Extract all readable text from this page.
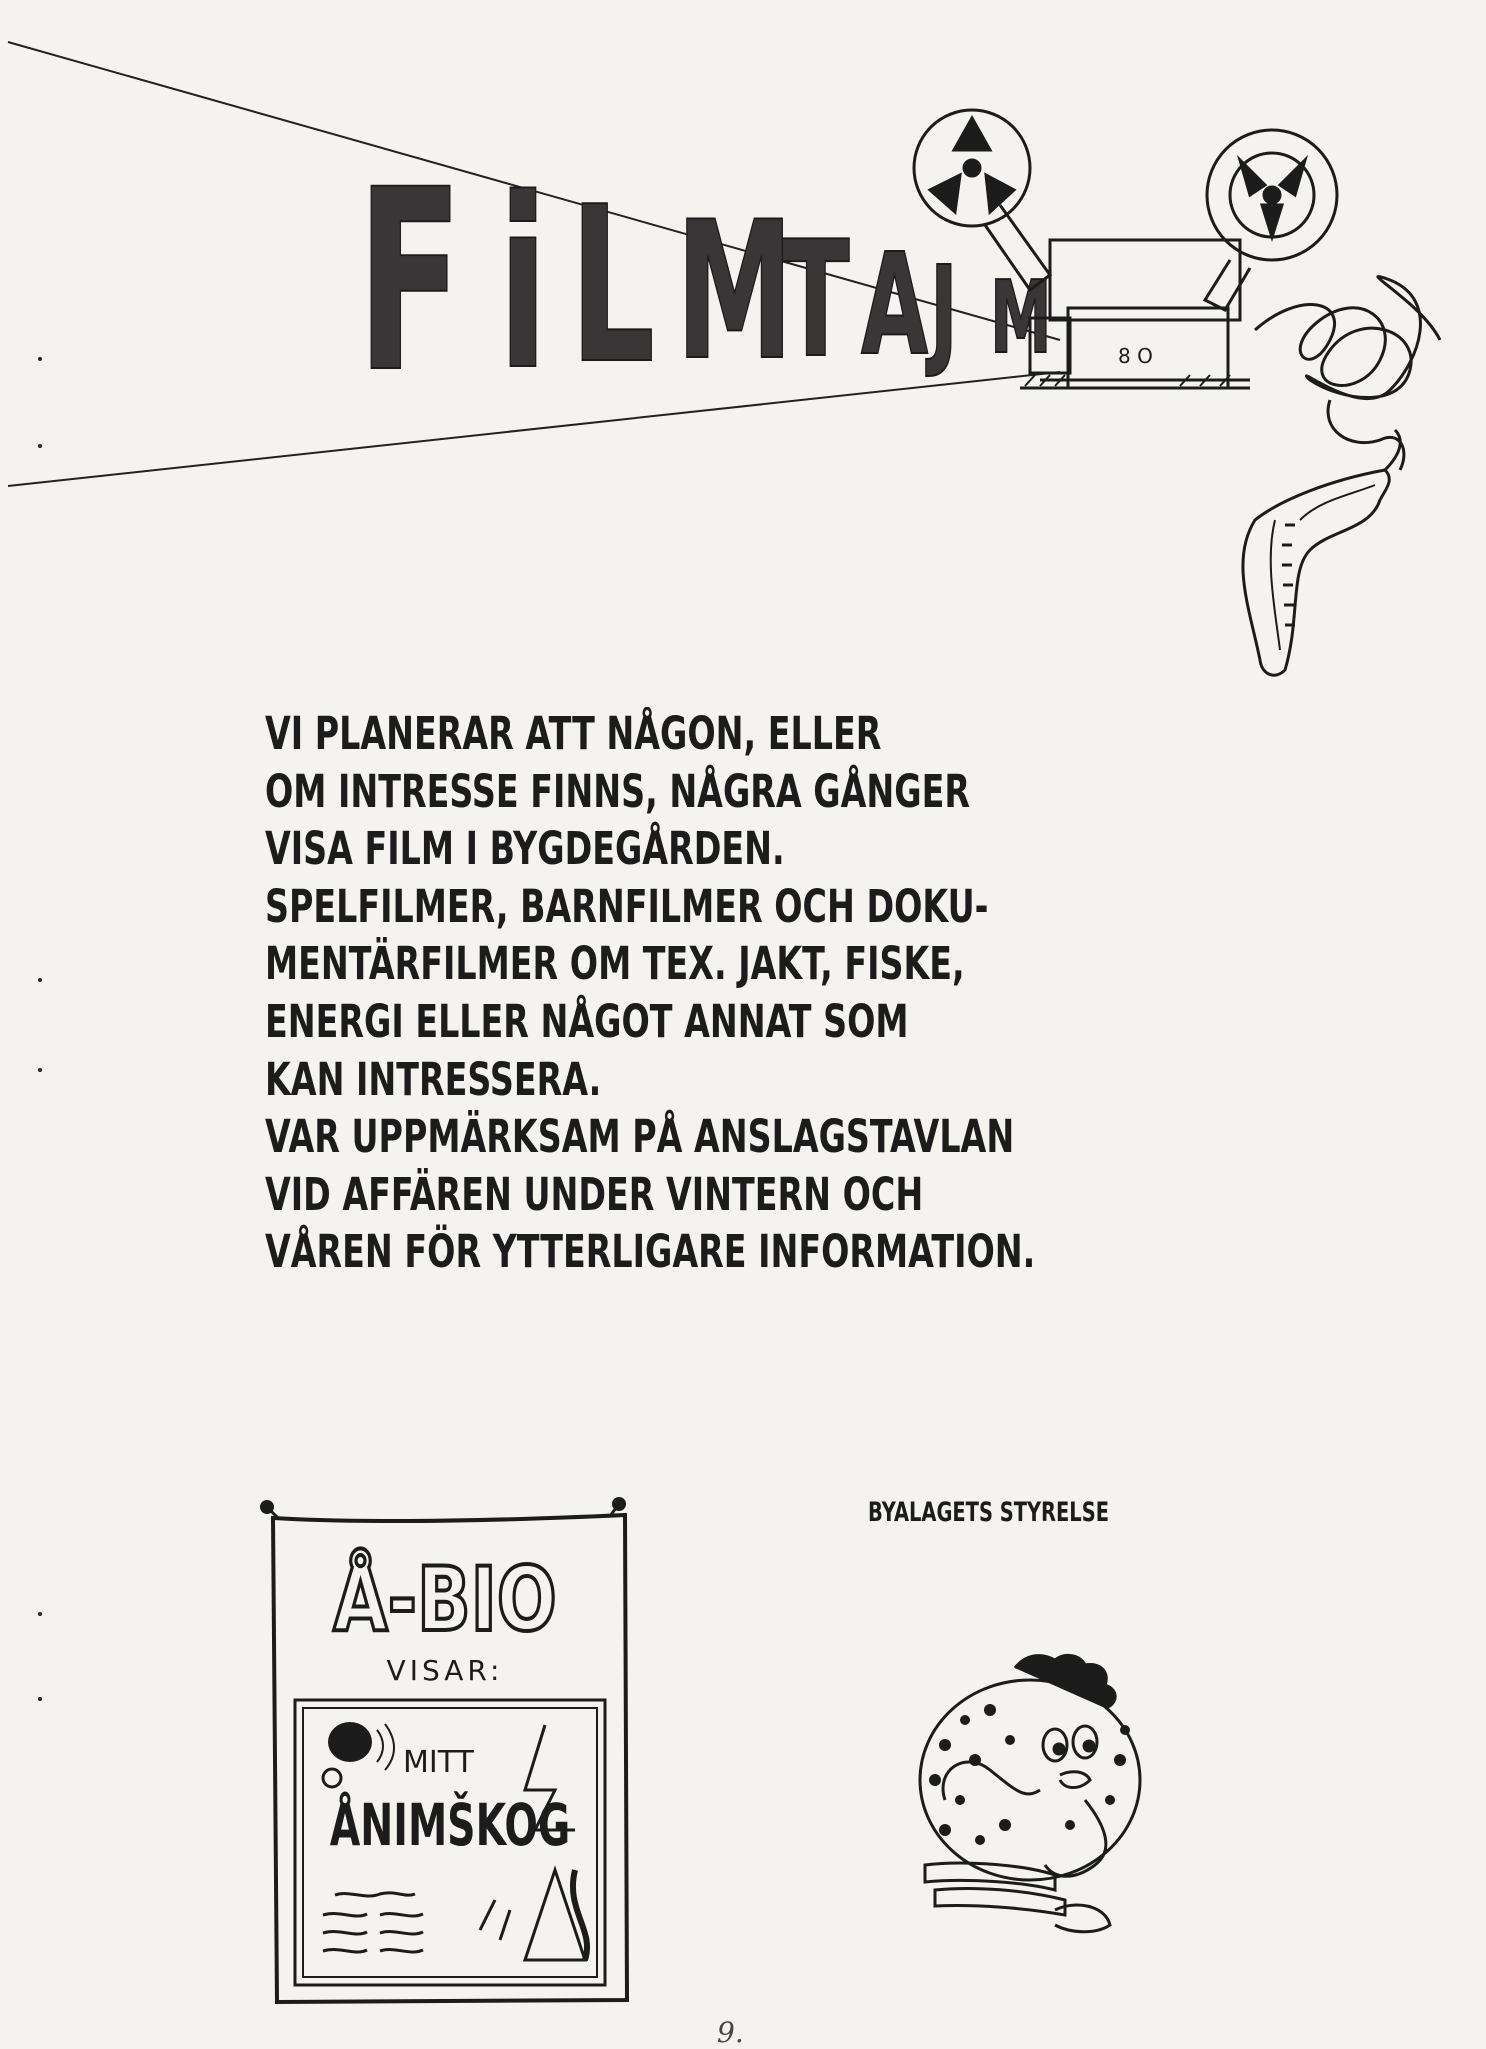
F i L M
T A J M	8 O
VI PLANERAR ATT NÅGON, ELLER
OM INTRESSE FINNS, NÅGRA GÅNGER
VISA FILM I BYGDEGÅRDEN.
SPELFILMER, BARNFILMER OCH DOKU-
MENTÄRFILMER OM TEX. JAKT, FISKE,
ENERGI ELLER NÅGOT ANNAT SOM
KAN INTRESSERA.
VAR UPPMÄRKSAM PÅ ANSLAGSTAVLAN
VID AFFÄREN UNDER VINTERN OCH
VÅREN FÖR YTTERLIGARE INFORMATION.
BYALAGETS STYRELSE
Å-BIO
VISAR:
MITT
ÅNIMŠKOG
9.
